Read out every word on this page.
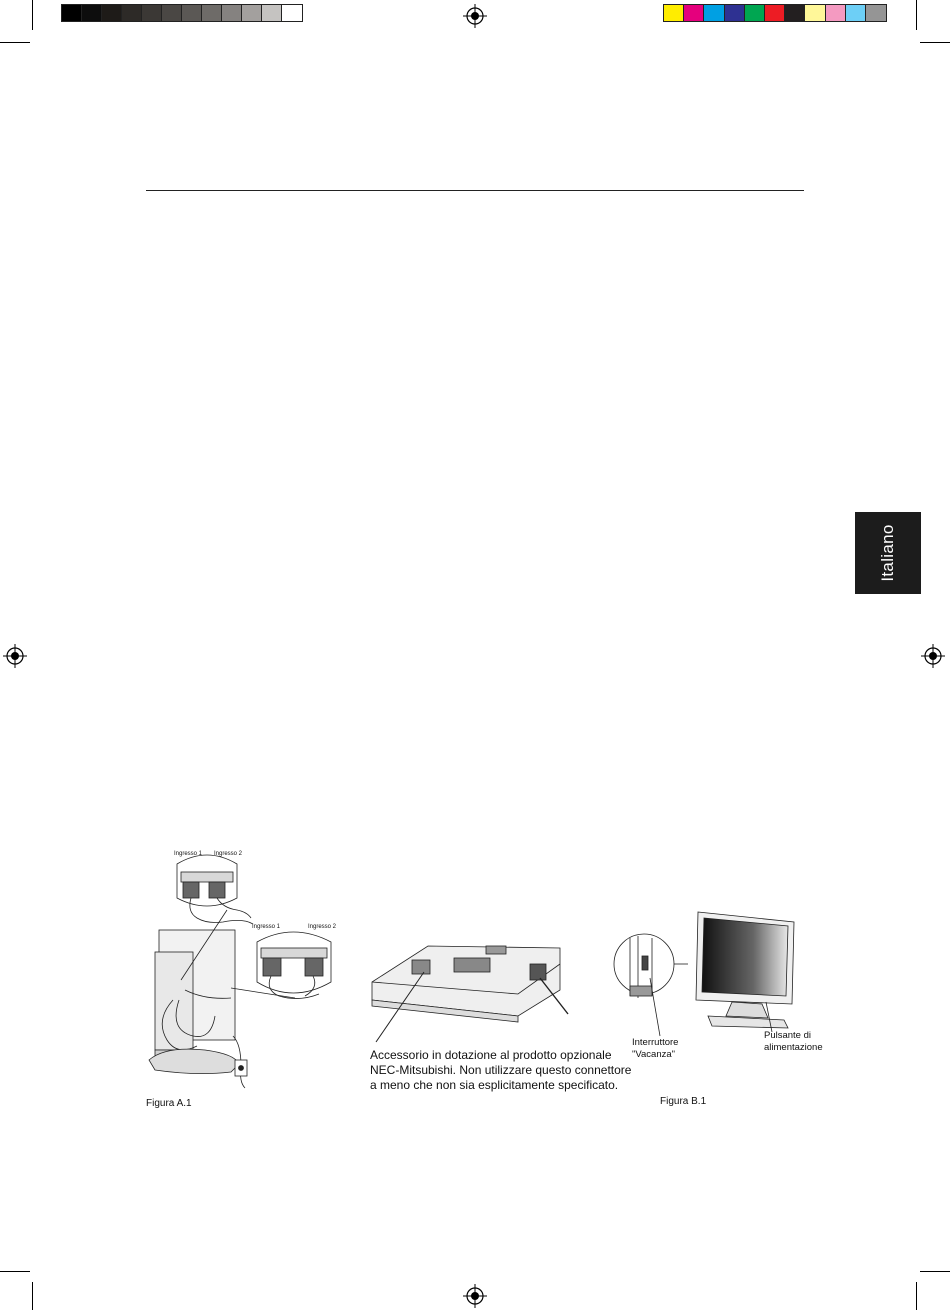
Italiano
Ingresso 1 Ingresso 2
Ingresso 1	Ingresso 2
Figura A.1
Accessorio in dotazione al prodotto opzionale
NEC-Mitsubishi. Non utilizzare questo connettore
a meno che non sia esplicitamente specificato.
Interruttore
"Vacanza"
Pulsante di
alimentazione
Figura B.1
